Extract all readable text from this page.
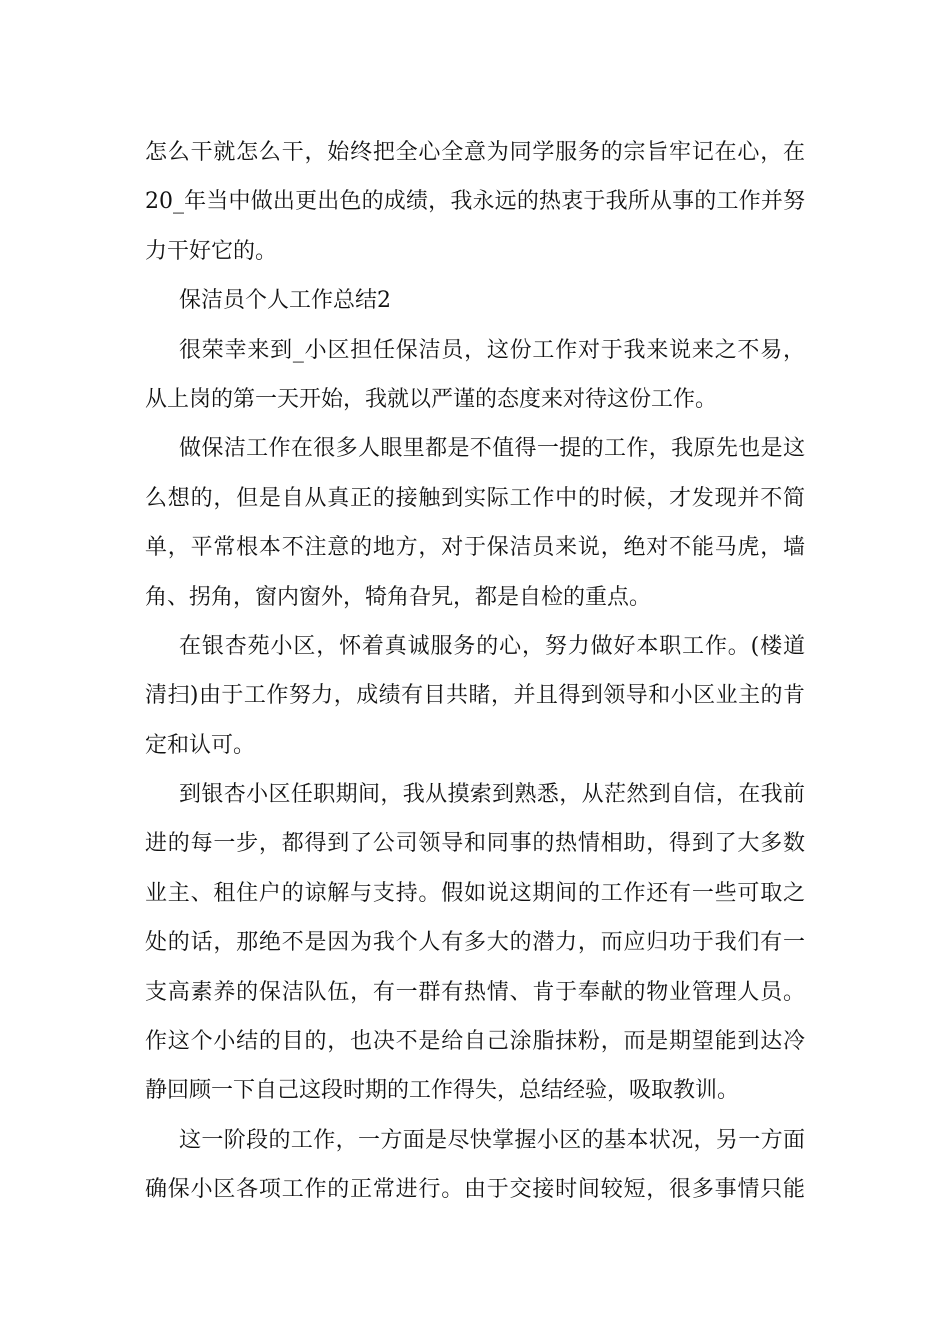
怎么干就怎么干，始终把全心全意为同学服务的宗旨牢记在心，在
20_年当中做出更出色的成绩，我永远的热衷于我所从事的工作并努
力干好它的。
保洁员个人工作总结2
很荣幸来到_小区担任保洁员，这份工作对于我来说来之不易，
从上岗的第一天开始，我就以严谨的态度来对待这份工作。
做保洁工作在很多人眼里都是不值得一提的工作，我原先也是这
么想的，但是自从真正的接触到实际工作中的时候，才发现并不简
单，平常根本不注意的地方，对于保洁员来说，绝对不能马虎，墙
角、拐角，窗内窗外，犄角旮旯，都是自检的重点。
在银杏苑小区，怀着真诚服务的心，努力做好本职工作。(楼道
清扫)由于工作努力，成绩有目共睹，并且得到领导和小区业主的肯
定和认可。
到银杏小区任职期间，我从摸索到熟悉，从茫然到自信，在我前
进的每一步，都得到了公司领导和同事的热情相助，得到了大多数
业主、租住户的谅解与支持。假如说这期间的工作还有一些可取之
处的话，那绝不是因为我个人有多大的潜力，而应归功于我们有一
支高素养的保洁队伍，有一群有热情、肯于奉献的物业管理人员。
作这个小结的目的，也决不是给自己涂脂抹粉，而是期望能到达冷
静回顾一下自己这段时期的工作得失，总结经验，吸取教训。
这一阶段的工作，一方面是尽快掌握小区的基本状况，另一方面
确保小区各项工作的正常进行。由于交接时间较短，很多事情只能
